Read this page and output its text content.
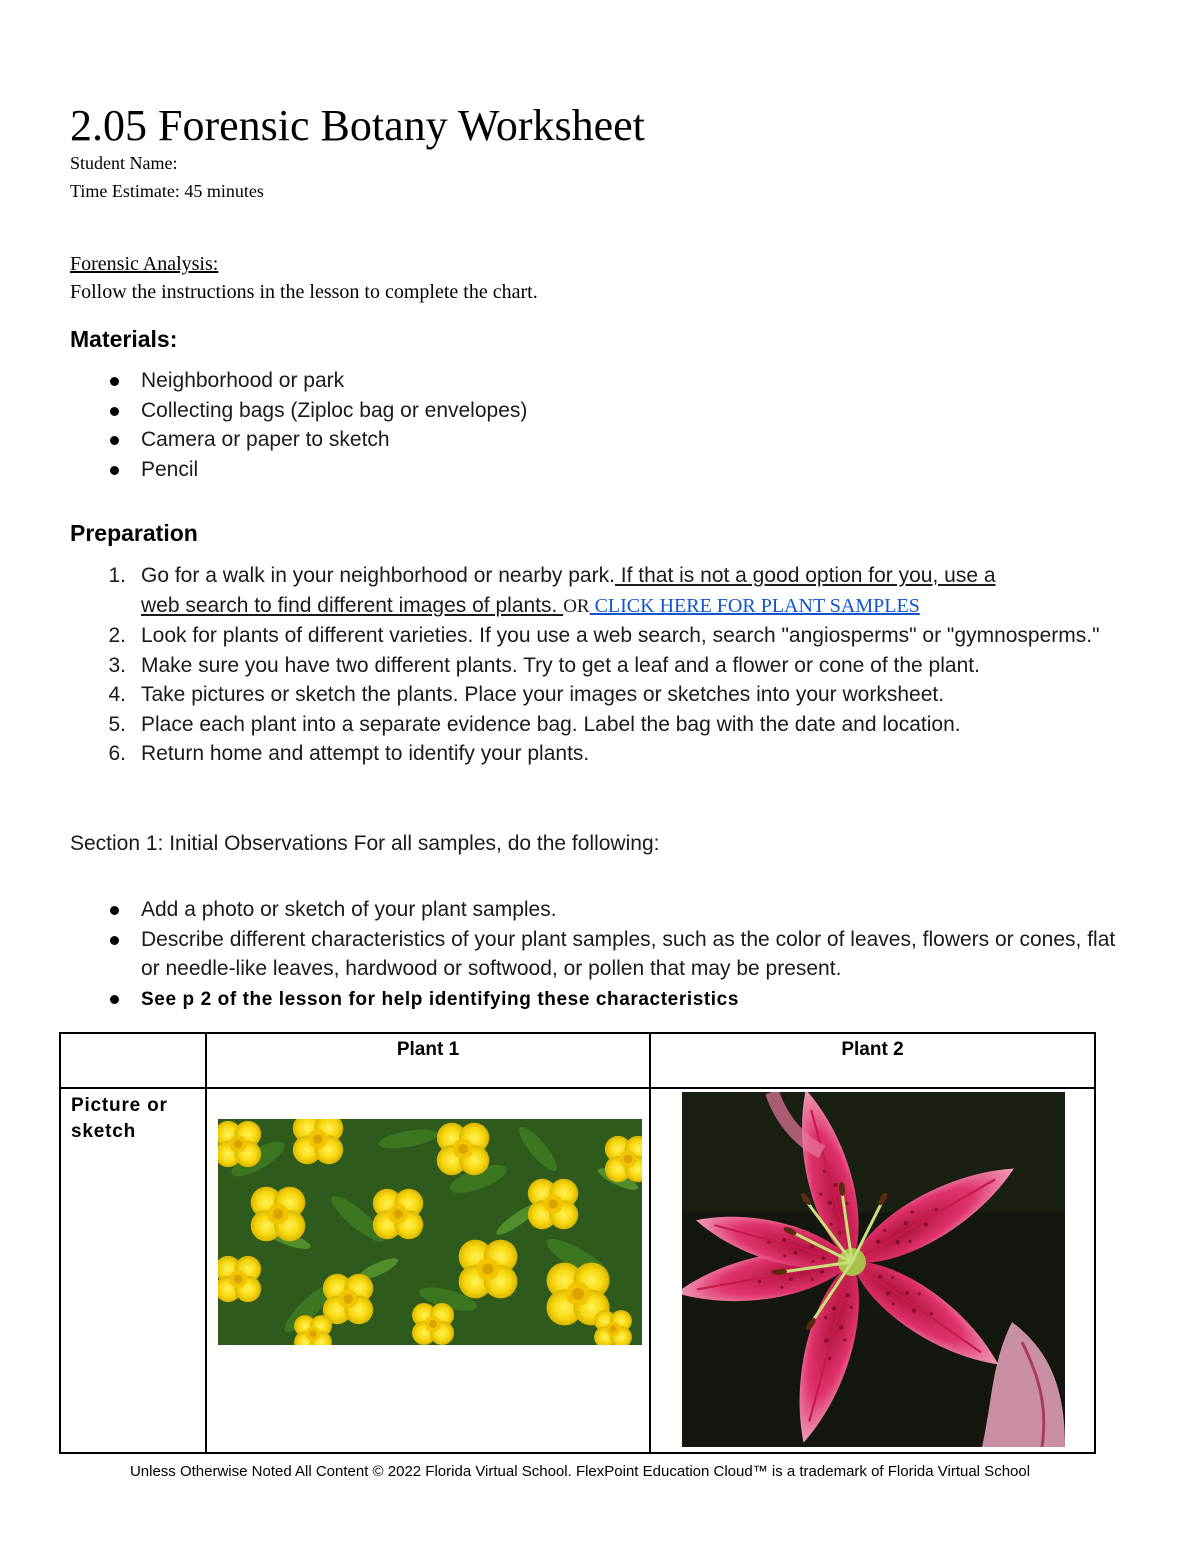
2.05 Forensic Botany Worksheet
Student Name:
Time Estimate: 45 minutes
Forensic Analysis:
Follow the instructions in the lesson to complete the chart.
Materials:
Neighborhood or park
Collecting bags (Ziploc bag or envelopes)
Camera or paper to sketch
Pencil
Preparation
1. Go for a walk in your neighborhood or nearby park. If that is not a good option for you, use a
web search to find different images of plants. OR CLICK HERE FOR PLANT SAMPLES
2. Look for plants of different varieties. If you use a web search, search "angiosperms" or "gymnosperms."
3. Make sure you have two different plants. Try to get a leaf and a flower or cone of the plant.
4. Take pictures or sketch the plants. Place your images or sketches into your worksheet.
5. Place each plant into a separate evidence bag. Label the bag with the date and location.
6. Return home and attempt to identify your plants.
Section 1: Initial Observations For all samples, do the following:
Add a photo or sketch of your plant samples.
Describe different characteristics of your plant samples, such as the color of leaves, flowers or cones, flat or needle-like leaves, hardwood or softwood, or pollen that may be present.
See p 2 of the lesson for help identifying these characteristics
	Plant 1	Plant 2
Picture or sketch	

Unless Otherwise Noted All Content © 2022 Florida Virtual School. FlexPoint Education Cloud™ is a trademark of Florida Virtual School
